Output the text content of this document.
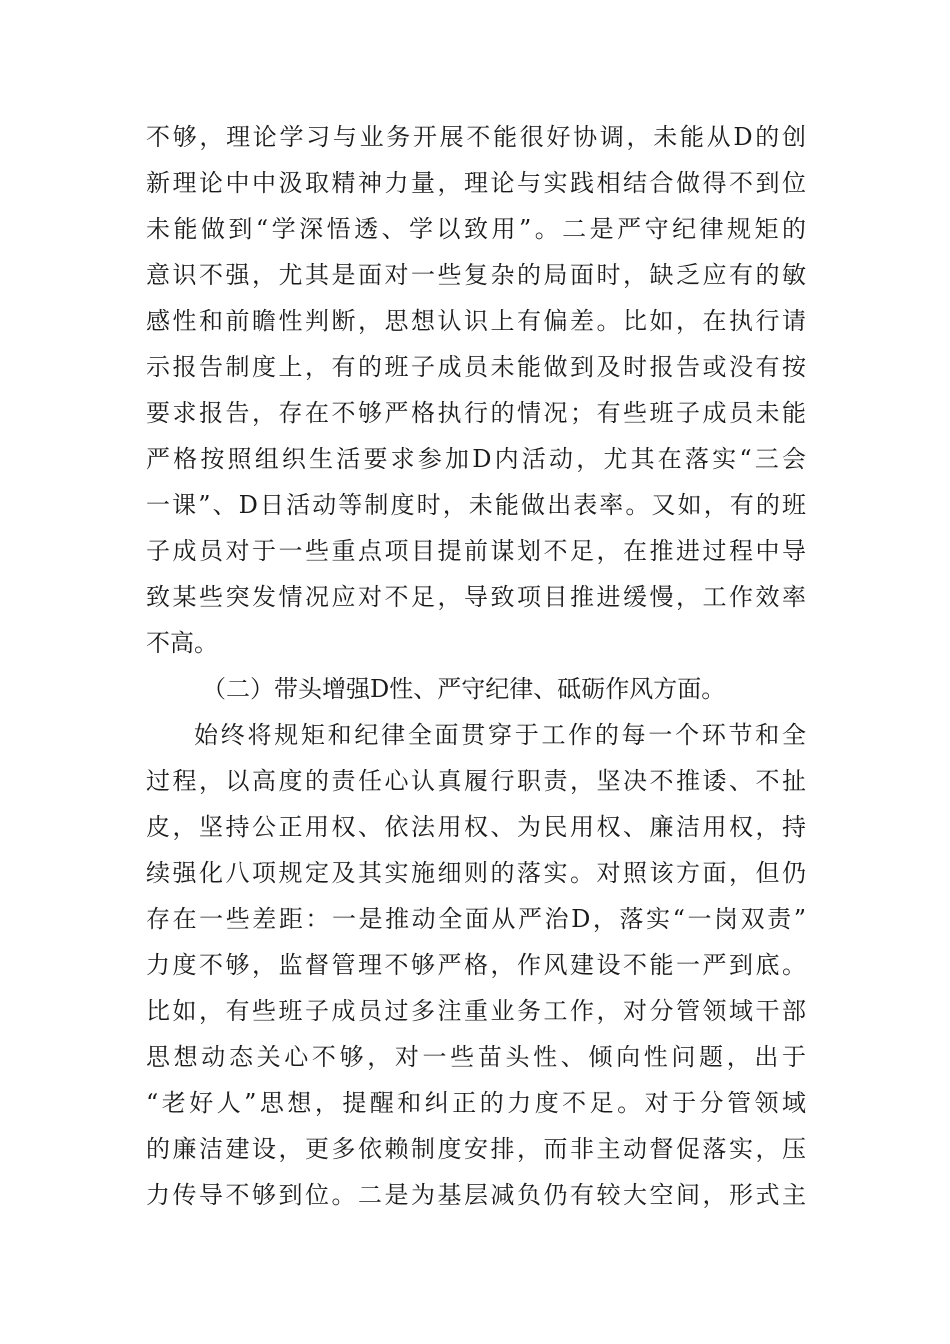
不够，理论学习与业务开展不能很好协调，未能从D的创
新理论中中汲取精神力量，理论与实践相结合做得不到位
未能做到“学深悟透、学以致用”。二是严守纪律规矩的
意识不强，尤其是面对一些复杂的局面时，缺乏应有的敏
感性和前瞻性判断，思想认识上有偏差。比如，在执行请
示报告制度上，有的班子成员未能做到及时报告或没有按
要求报告，存在不够严格执行的情况；有些班子成员未能
严格按照组织生活要求参加D内活动，尤其在落实“三会
一课”、D日活动等制度时，未能做出表率。又如，有的班
子成员对于一些重点项目提前谋划不足，在推进过程中导
致某些突发情况应对不足，导致项目推进缓慢，工作效率
不高。
（二）带头增强D性、严守纪律、砥砺作风方面。
始终将规矩和纪律全面贯穿于工作的每一个环节和全
过程，以高度的责任心认真履行职责，坚决不推诿、不扯
皮，坚持公正用权、依法用权、为民用权、廉洁用权，持
续强化八项规定及其实施细则的落实。对照该方面，但仍
存在一些差距：一是推动全面从严治D，落实“一岗双责”
力度不够，监督管理不够严格，作风建设不能一严到底。
比如，有些班子成员过多注重业务工作，对分管领域干部
思想动态关心不够，对一些苗头性、倾向性问题，出于
“老好人”思想，提醒和纠正的力度不足。对于分管领域
的廉洁建设，更多依赖制度安排，而非主动督促落实，压
力传导不够到位。二是为基层减负仍有较大空间，形式主
